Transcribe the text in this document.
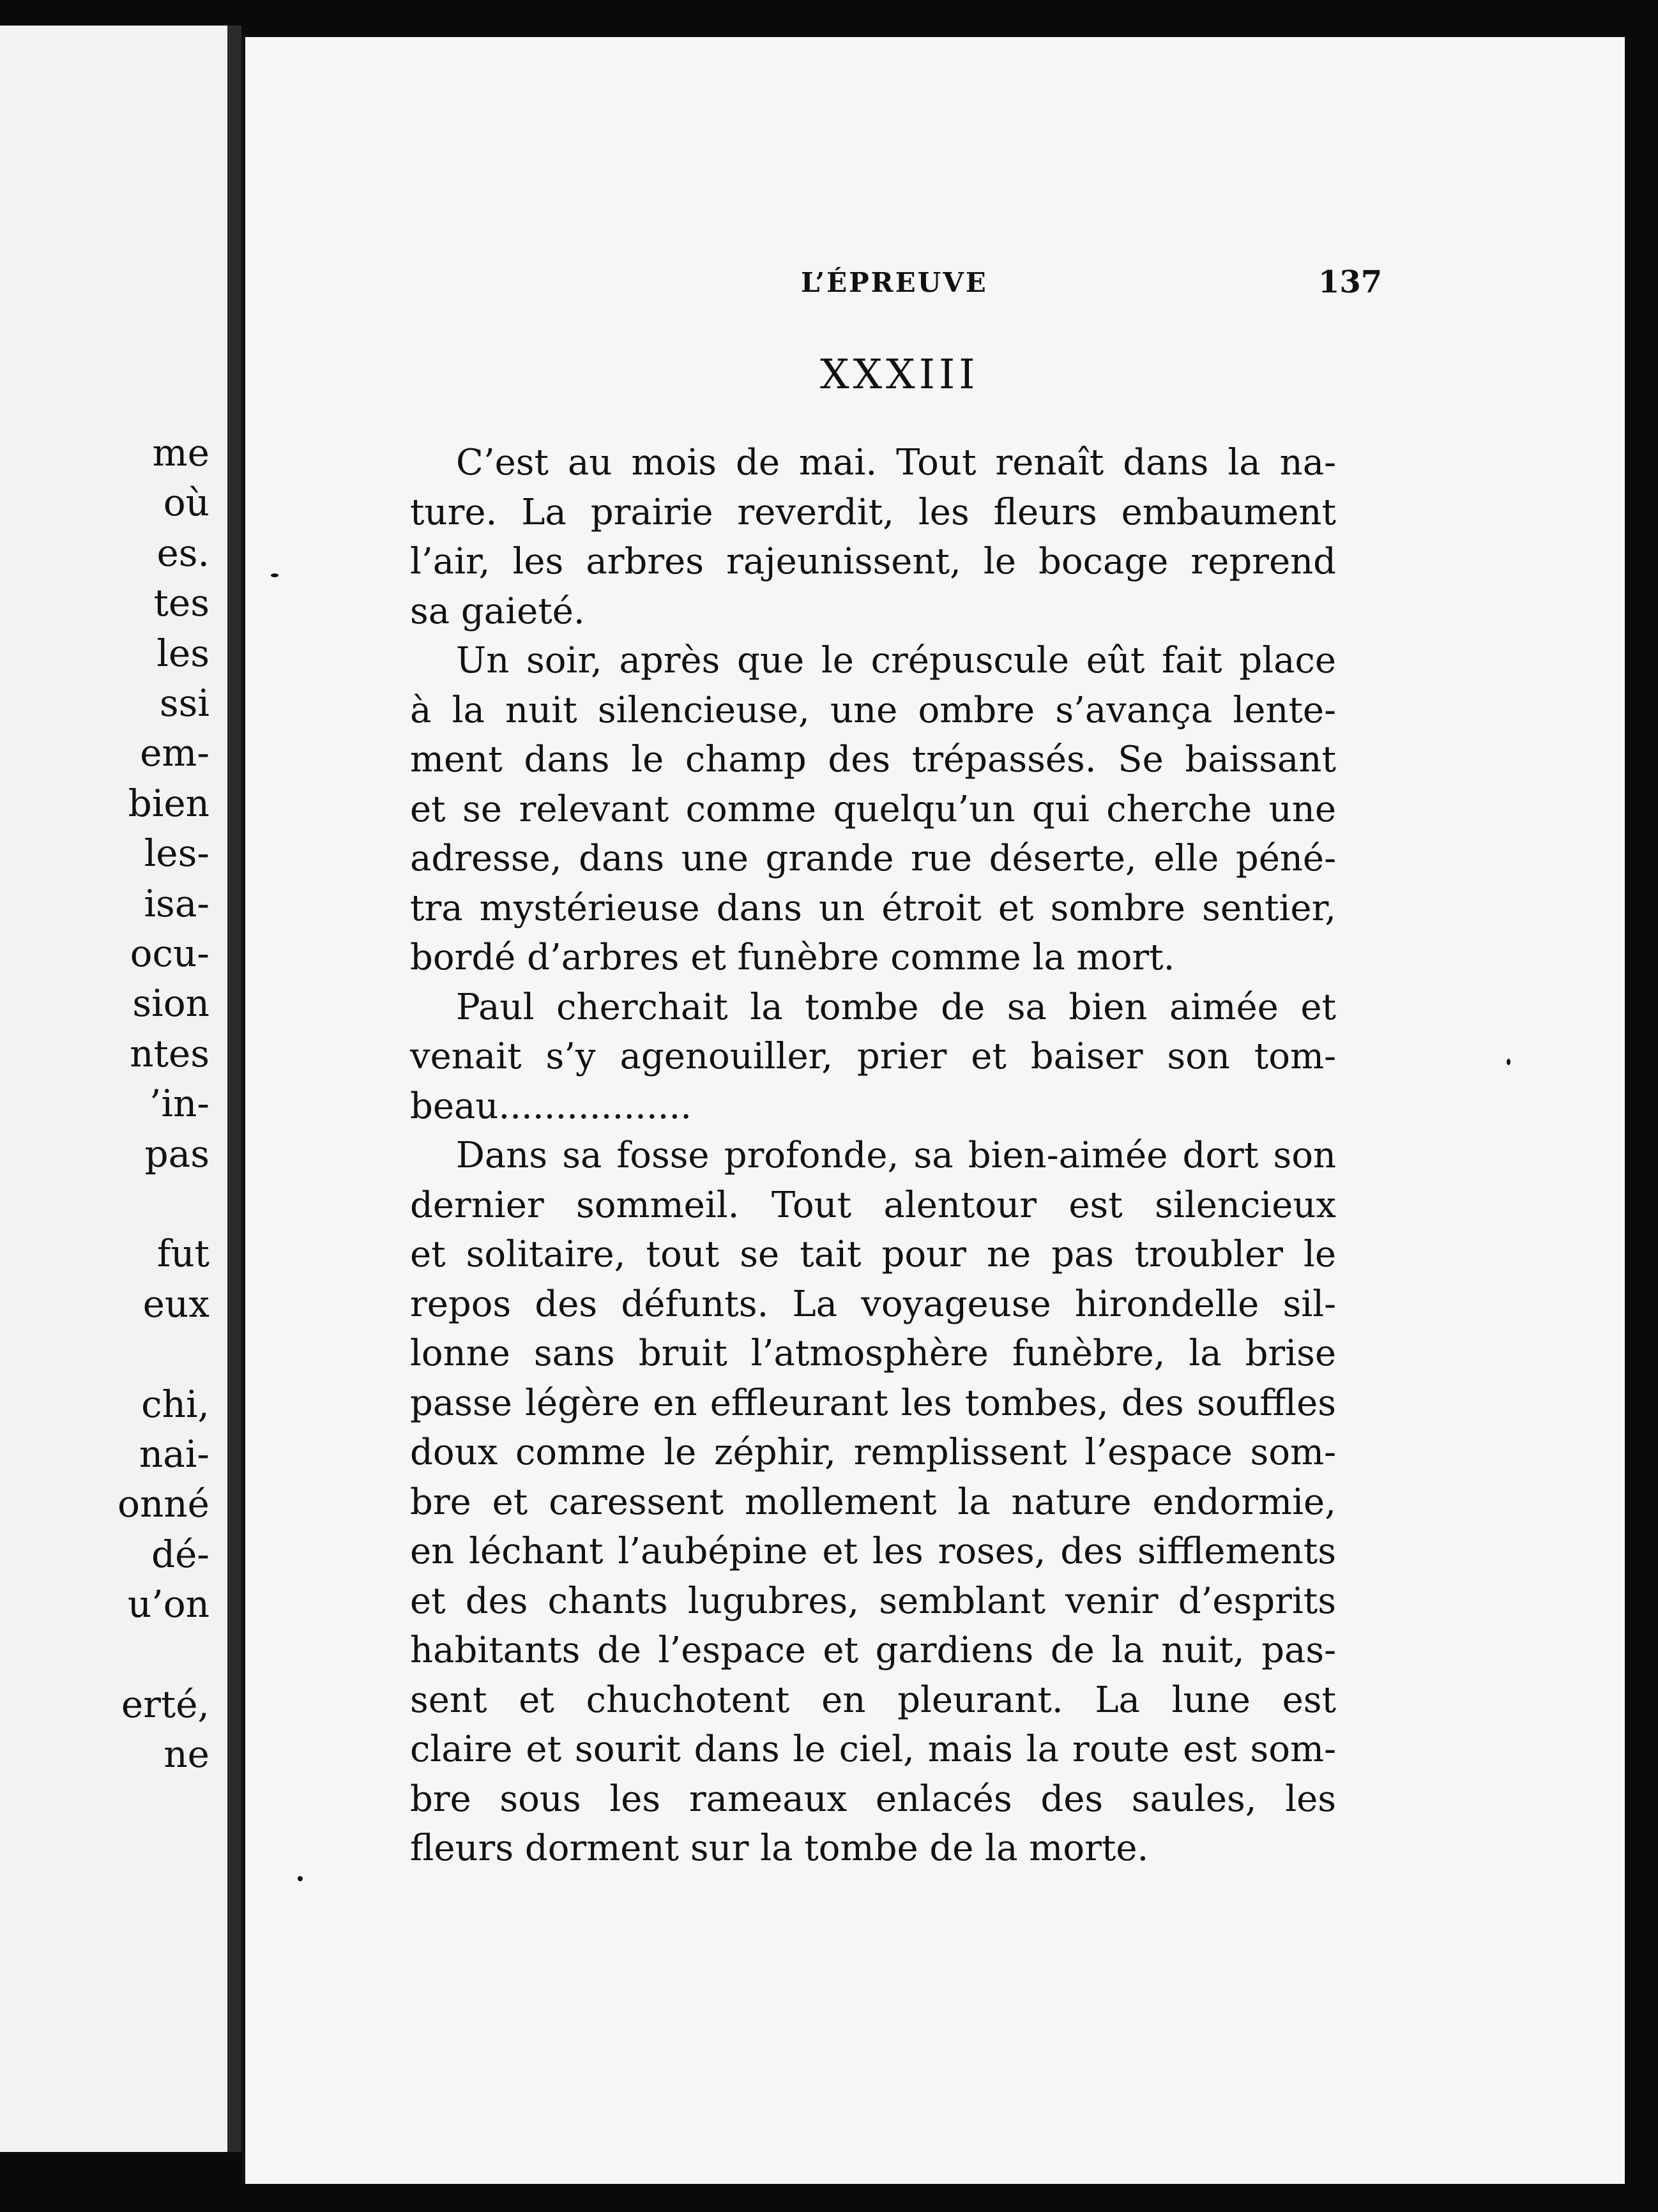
me
où
es.
tes
les
ssi
em-
bien
les-
isa-
ocu-
sion
ntes
’in-
pas
fut
eux
chi,
nai-
onné
dé-
u’on
erté,
ne
L’ÉPREUVE	137
XXXIII
C’est au mois de mai. Tout renaît dans la na-
ture. La prairie reverdit, les fleurs embaument
l’air, les arbres rajeunissent, le bocage reprend
sa gaieté.
Un soir, après que le crépuscule eût fait place
à la nuit silencieuse, une ombre s’avança lente-
ment dans le champ des trépassés. Se baissant
et se relevant comme quelqu’un qui cherche une
adresse, dans une grande rue déserte, elle péné-
tra mystérieuse dans un étroit et sombre sentier,
bordé d’arbres et funèbre comme la mort.
Paul cherchait la tombe de sa bien aimée et
venait s’y agenouiller, prier et baiser son tom-
beau.................
Dans sa fosse profonde, sa bien-aimée dort son
dernier sommeil. Tout alentour est silencieux
et solitaire, tout se tait pour ne pas troubler le
repos des défunts. La voyageuse hirondelle sil-
lonne sans bruit l’atmosphère funèbre, la brise
passe légère en effleurant les tombes, des souffles
doux comme le zéphir, remplissent l’espace som-
bre et caressent mollement la nature endormie,
en léchant l’aubépine et les roses, des sifflements
et des chants lugubres, semblant venir d’esprits
habitants de l’espace et gardiens de la nuit, pas-
sent et chuchotent en pleurant. La lune est
claire et sourit dans le ciel, mais la route est som-
bre sous les rameaux enlacés des saules, les
fleurs dorment sur la tombe de la morte.
